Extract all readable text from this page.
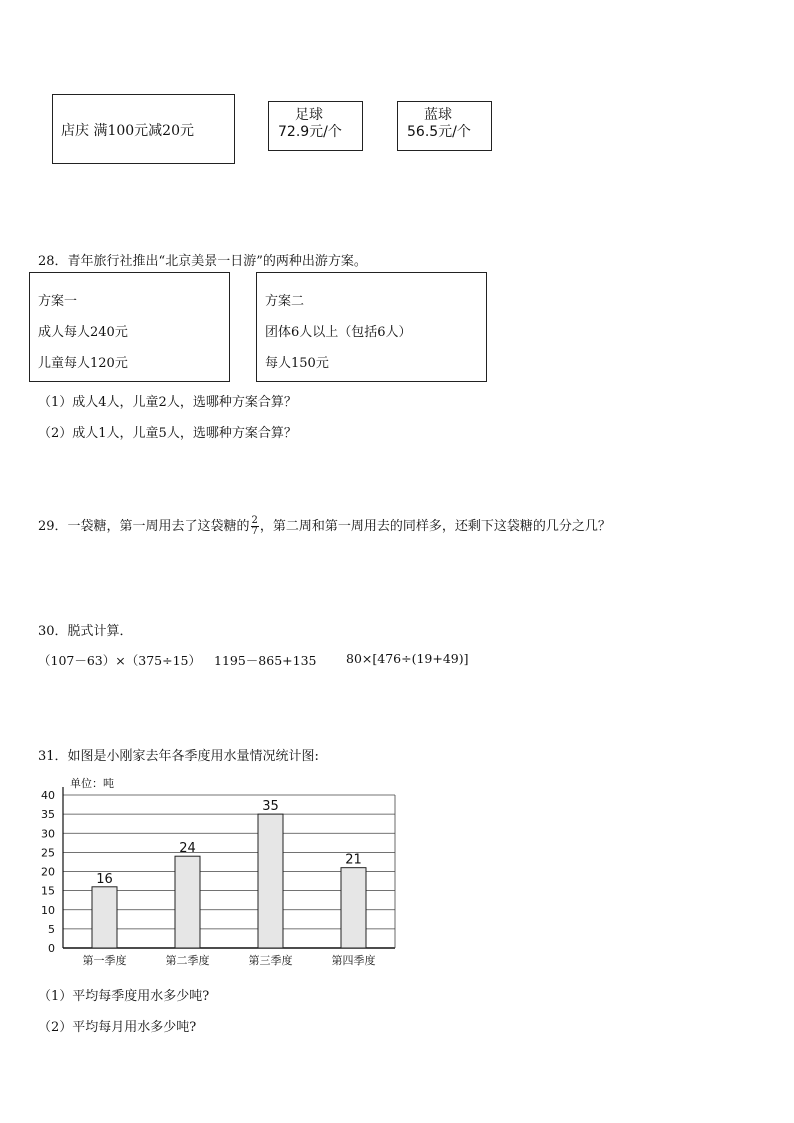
店庆 满100元减20元
足球
72.9元/个
蓝球
56.5元/个
28．青年旅行社推出“北京美景一日游”的两种出游方案。
方案一
成人每人240元
儿童每人120元
方案二
团体6人以上（包括6人）
每人150元
（1）成人4人，儿童2人，选哪种方案合算？
（2）成人1人，儿童5人，选哪种方案合算？
29．一袋糖，第一周用去了这袋糖的 $\frac{2}{7}$ ，第二周和第一周用去的同样多，还剩下这袋糖的几分之几？
30．脱式计算．
（107－63）×（375÷15） 1195－865+135 80×[476÷(19+49)]
31．如图是小刚家去年各季度用水量情况统计图:
单位：吨
0
5
10
15
20
25
30
35
40
16
第一季度
24
第二季度
35
第三季度
21
第四季度
（1）平均每季度用水多少吨?
（2）平均每月用水多少吨?
